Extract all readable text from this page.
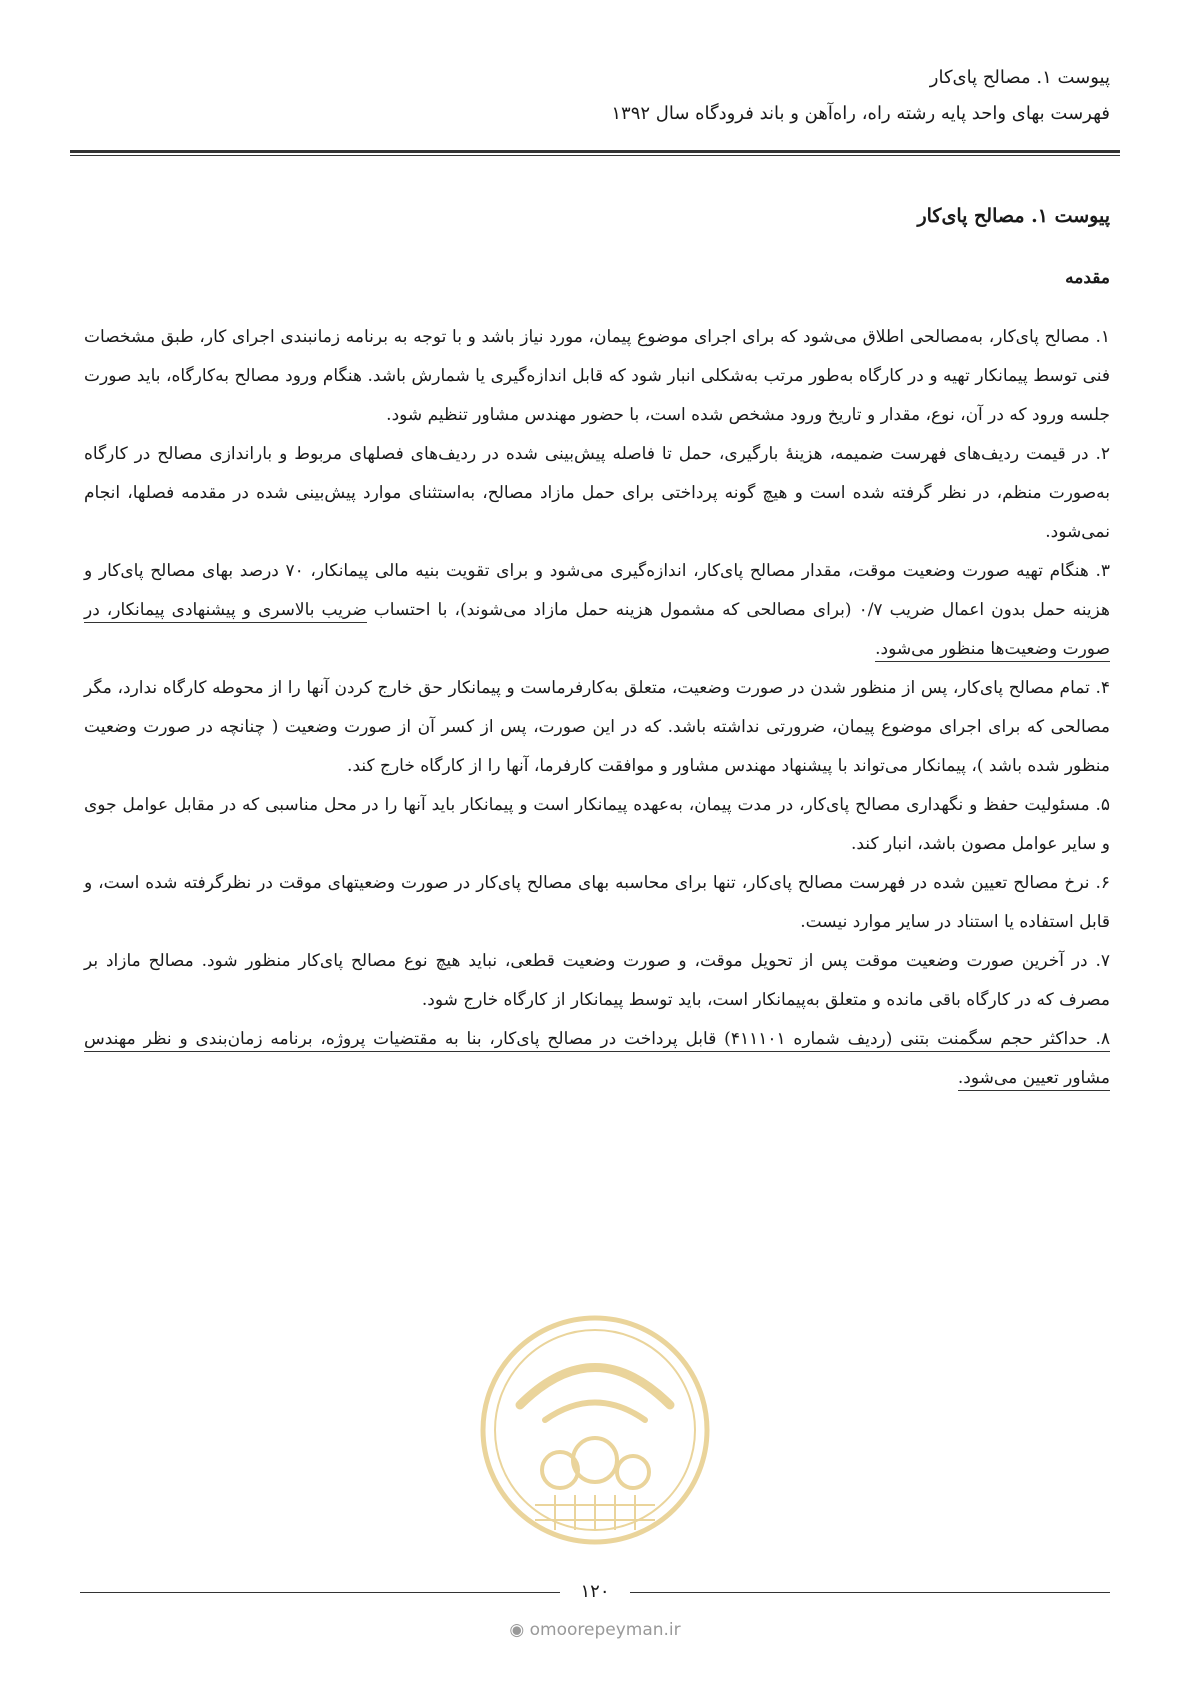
پیوست ۱. مصالح پای‌کار
فهرست بهای واحد پایه رشته راه، راه‌آهن و باند فرودگاه سال ۱۳۹۲
پیوست ۱. مصالح پای‌کار
مقدمه

۱. مصالح پای‌کار، به‌مصالحی اطلاق می‌شود که برای اجرای موضوع پیمان، مورد نیاز باشد و با توجه به برنامه زمانبندی اجرای کار، طبق مشخصات فنی توسط پیمانکار تهیه و در کارگاه به‌طور مرتب به‌شکلی انبار شود که قابل اندازه‌گیری یا شمارش باشد. هنگام ورود مصالح به‌کارگاه، باید صورت جلسه ورود که در آن، نوع، مقدار و تاریخ ورود مشخص شده است، با حضور مهندس مشاور تنظیم شود.

۲. در قیمت ردیف‌های فهرست ضمیمه، هزینهٔ بارگیری، حمل تا فاصله پیش‌بینی شده در ردیف‌های فصلهای مربوط و باراندازی مصالح در کارگاه به‌صورت منظم، در نظر گرفته شده است و هیچ گونه پرداختی برای حمل مازاد مصالح، به‌استثنای موارد پیش‌بینی شده در مقدمه فصلها، انجام نمی‌شود.

۳. هنگام تهیه صورت وضعیت موقت، مقدار مصالح پای‌کار، اندازه‌گیری می‌شود و برای تقویت بنیه مالی پیمانکار، ۷۰ درصد بهای مصالح پای‌کار و هزینه حمل بدون اعمال ضریب ۰/۷ (برای مصالحی که مشمول هزینه حمل مازاد می‌شوند)، با احتساب ضریب بالاسری و پیشنهادی پیمانکار، در صورت وضعیت‌ها منظور می‌شود.

۴. تمام مصالح پای‌کار، پس از منظور شدن در صورت وضعیت، متعلق به‌کارفرماست و پیمانکار حق خارج کردن آنها را از محوطه کارگاه ندارد، مگر مصالحی که برای اجرای موضوع پیمان، ضرورتی نداشته باشد. که در این صورت، پس از کسر آن از صورت وضعیت ( چنانچه در صورت وضعیت منظور شده باشد )، پیمانکار می‌تواند با پیشنهاد مهندس مشاور و موافقت کارفرما، آنها را از کارگاه خارج کند.

۵. مسئولیت حفظ و نگهداری مصالح پای‌کار، در مدت پیمان، به‌عهده پیمانکار است و پیمانکار باید آنها را در محل مناسبی که در مقابل عوامل جوی و سایر عوامل مصون باشد، انبار کند.

۶. نرخ مصالح تعیین شده در فهرست مصالح پای‌کار، تنها برای محاسبه بهای مصالح پای‌کار در صورت وضعیتهای موقت در نظرگرفته شده است، و قابل استفاده یا استناد در سایر موارد نیست.

۷. در آخرین صورت وضعیت موقت پس از تحویل موقت، و صورت وضعیت قطعی، نباید هیچ نوع مصالح پای‌کار منظور شود. مصالح مازاد بر مصرف که در کارگاه باقی مانده و متعلق به‌پیمانکار است، باید توسط پیمانکار از کارگاه خارج شود.

۸. حداکثر حجم سگمنت بتنی (ردیف شماره ۴۱۱۱۰۱) قابل پرداخت در مصالح پای‌کار، بنا به مقتضیات پروژه، برنامه زمان‌بندی و نظر مهندس مشاور تعیین می‌شود.

۱۲۰
◉ omoorepeyman.ir
